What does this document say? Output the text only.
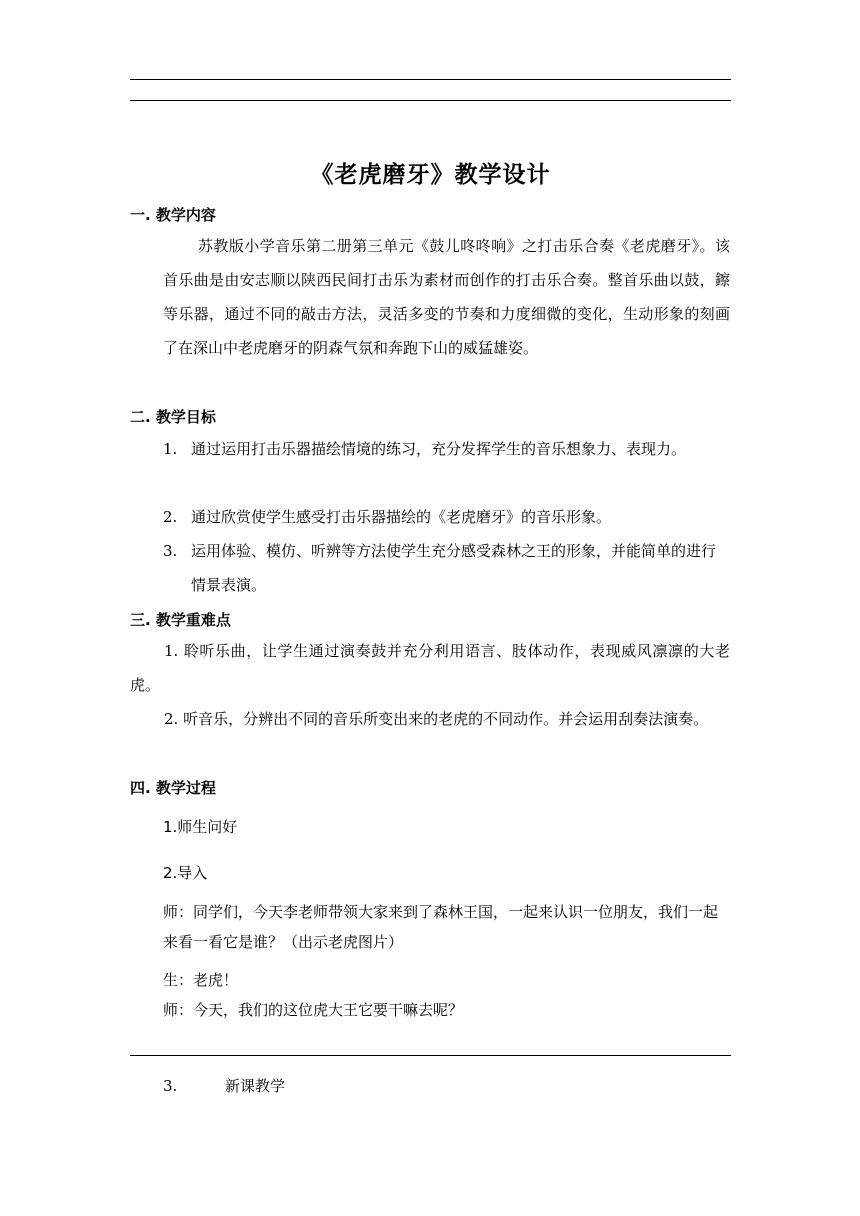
《老虎磨牙》教学设计
一. 教学内容
苏教版小学音乐第二册第三单元《鼓儿咚咚响》之打击乐合奏《老虎磨牙》。该首乐曲是由安志顺以陕西民间打击乐为素材而创作的打击乐合奏。整首乐曲以鼓，鑔等乐器，通过不同的敲击方法，灵活多变的节奏和力度细微的变化，生动形象的刻画了在深山中老虎磨牙的阴森气氛和奔跑下山的威猛雄姿。
二. 教学目标
1. 通过运用打击乐器描绘情境的练习，充分发挥学生的音乐想象力、表现力。
2. 通过欣赏使学生感受打击乐器描绘的《老虎磨牙》的音乐形象。
3. 运用体验、模仿、听辨等方法使学生充分感受森林之王的形象，并能简单的进行情景表演。
三. 教学重难点
1. 聆听乐曲，让学生通过演奏鼓并充分利用语言、肢体动作，表现威风凛凛的大老虎。
2. 听音乐，分辨出不同的音乐所变出来的老虎的不同动作。并会运用刮奏法演奏。
四. 教学过程
1.师生问好
2.导入
师：同学们，今天李老师带领大家来到了森林王国，一起来认识一位朋友，我们一起来看一看它是谁？（出示老虎图片）
生：老虎！
师：今天，我们的这位虎大王它要干嘛去呢？
3.	新课教学
